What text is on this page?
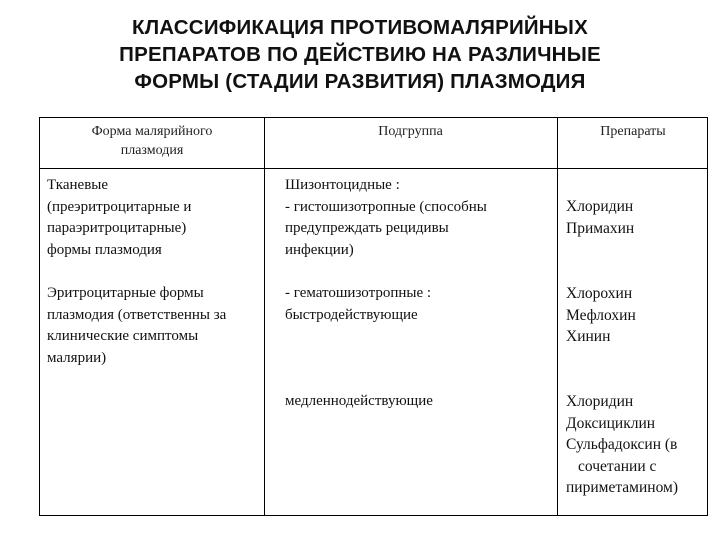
КЛАССИФИКАЦИЯ ПРОТИВОМАЛЯРИЙНЫХ
ПРЕПАРАТОВ ПО ДЕЙСТВИЮ НА РАЗЛИЧНЫЕ
ФОРМЫ (СТАДИИ РАЗВИТИЯ) ПЛАЗМОДИЯ
Форма малярийного
плазмодия
Подгруппа	Препараты
Тканевые
(преэритроцитарные и
параэритроцитарные)
формы плазмодия
Шизонтоцидные :
- гистошизотропные (способны
предупреждать рецидивы
инфекции)
Хлоридин
Примахин
Эритроцитарные формы
плазмодия (ответственны за
клинические симптомы
малярии)
- гематошизотропные :
быстродействующие
Хлорохин
Мефлохин
Хинин
медленнодействующие	Хлоридин
Доксициклин
Сульфадоксин (в
сочетании с
пириметамином)
